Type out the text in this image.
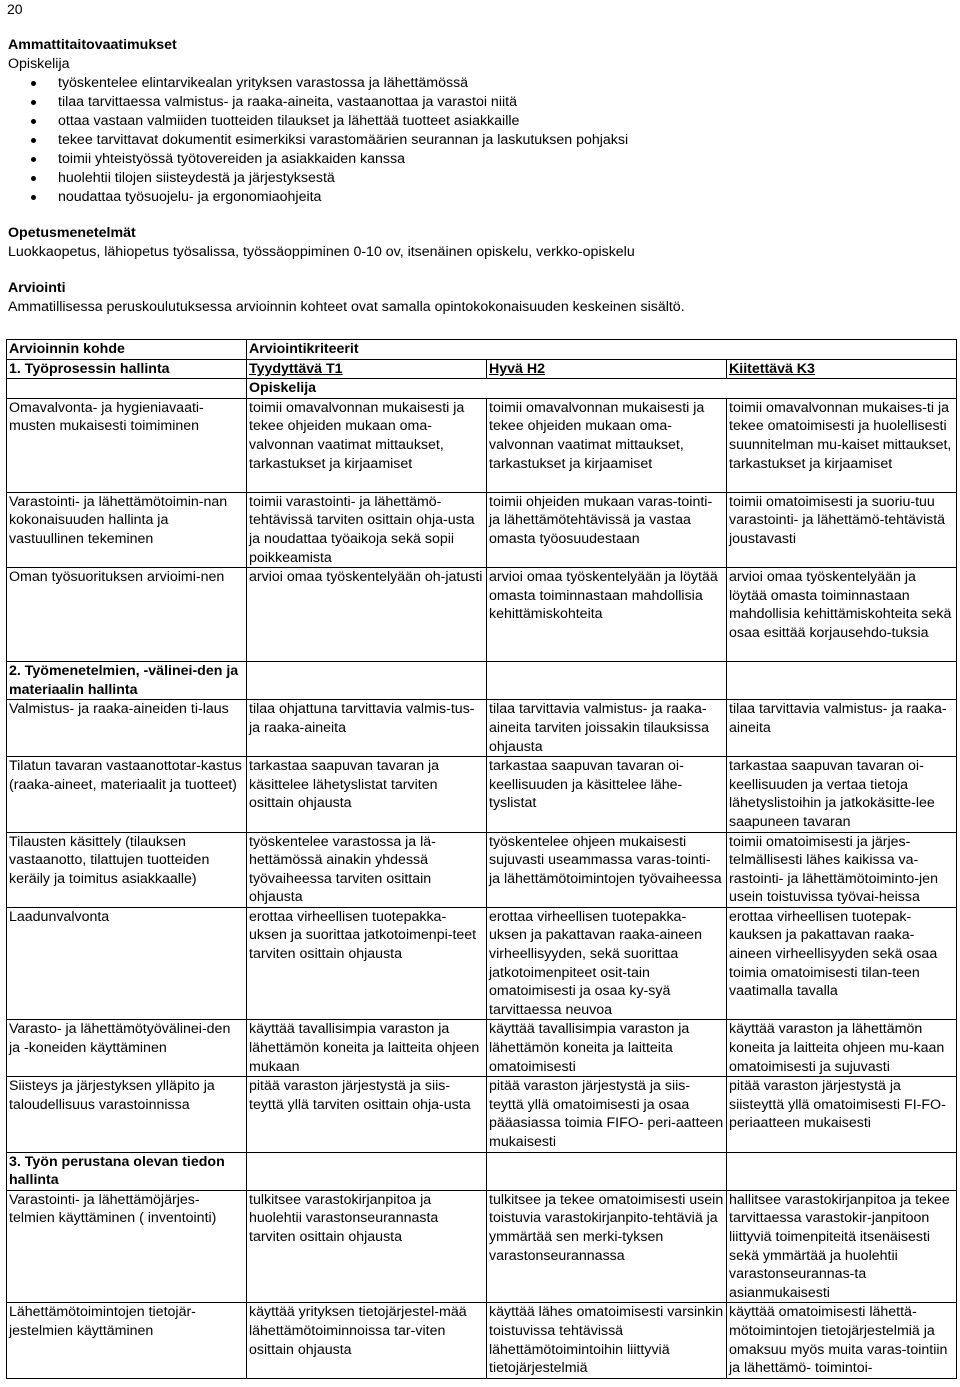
20
Ammattitaitovaatimukset
Opiskelija
työskentelee elintarvikealan yrityksen varastossa ja lähettämössä
tilaa tarvittaessa valmistus- ja raaka-aineita, vastaanottaa ja varastoi niitä
ottaa vastaan valmiiden tuotteiden tilaukset ja lähettää tuotteet asiakkaille
tekee tarvittavat dokumentit esimerkiksi varastomäärien seurannan ja laskutuksen pohjaksi
toimii yhteistyössä työtovereiden ja asiakkaiden kanssa
huolehtii tilojen siisteydestä ja järjestyksestä
noudattaa työsuojelu- ja ergonomiaohjeita
Opetusmenetelmät
Luokkaopetus, lähiopetus työsalissa, työssäoppiminen 0-10 ov, itsenäinen opiskelu, verkko-opiskelu
Arviointi
Ammatillisessa peruskoulutuksessa arvioinnin kohteet ovat samalla opintokokonaisuuden keskeinen sisältö.
Arvioinnin kohde	Arviointikriteerit		
1. Työprosessin hallinta	Tyydyttävä T1	Hyvä H2	Kiitettävä K3
	Opiskelija		
Omavalvonta- ja hygieniavaati-musten mukaisesti toimiminen	toimii omavalvonnan mukaisesti ja tekee ohjeiden mukaan oma-valvonnan vaatimat mittaukset, tarkastukset ja kirjaamiset	toimii omavalvonnan mukaisesti ja tekee ohjeiden mukaan oma-valvonnan vaatimat mittaukset, tarkastukset ja kirjaamiset	toimii omavalvonnan mukaises-ti ja tekee omatoimisesti ja huolellisesti suunnitelman mu-kaiset mittaukset, tarkastukset ja kirjaamiset
Varastointi- ja lähettämötoimin-nan kokonaisuuden hallinta ja vastuullinen tekeminen	toimii varastointi- ja lähettämö-tehtävissä tarviten osittain ohja-usta ja noudattaa työaikoja sekä sopii poikkeamista	toimii ohjeiden mukaan varas-tointi- ja lähettämötehtävissä ja vastaa omasta työosuudestaan	toimii omatoimisesti ja suoriu-tuu varastointi- ja lähettämö-tehtävistä joustavasti
Oman työsuorituksen arvioimi-nen	arvioi omaa työskentelyään oh-jatusti	arvioi omaa työskentelyään ja löytää omasta toiminnastaan mahdollisia kehittämiskohteita	arvioi omaa työskentelyään ja löytää omasta toiminnastaan mahdollisia kehittämiskohteita sekä osaa esittää korjausehdo-tuksia
2. Työmenetelmien, -välinei-den ja materiaalin hallinta			
Valmistus- ja raaka-aineiden ti-laus	tilaa ohjattuna tarvittavia valmis-tus- ja raaka-aineita	tilaa tarvittavia valmistus- ja raaka-aineita tarviten joissakin tilauksissa ohjausta	tilaa tarvittavia valmistus- ja raaka-aineita
Tilatun tavaran vastaanottotar-kastus (raaka-aineet, materiaalit ja tuotteet)	tarkastaa saapuvan tavaran ja käsittelee lähetyslistat tarviten osittain ohjausta	tarkastaa saapuvan tavaran oi-keellisuuden ja käsittelee lähe-tyslistat	tarkastaa saapuvan tavaran oi-keellisuuden ja vertaa tietoja lähetyslistoihin ja jatkokäsitte-lee saapuneen tavaran
Tilausten käsittely (tilauksen vastaanotto, tilattujen tuotteiden keräily ja toimitus asiakkaalle)	työskentelee varastossa ja lä-hettämössä ainakin yhdessä työvaiheessa tarviten osittain ohjausta	työskentelee ohjeen mukaisesti sujuvasti useammassa varas-tointi- ja lähettämötoimintojen työvaiheessa	toimii omatoimisesti ja järjes-telmällisesti lähes kaikissa va-rastointi- ja lähettämötoiminto-jen usein toistuvissa työvai-heissa
Laadunvalvonta	erottaa virheellisen tuotepakka-uksen ja suorittaa jatkotoimenpi-teet tarviten osittain ohjausta	erottaa virheellisen tuotepakka-uksen ja pakattavan raaka-aineen virheellisyyden, sekä suorittaa jatkotoimenpiteet osit-tain omatoimisesti ja osaa ky-syä tarvittaessa neuvoa	erottaa virheellisen tuotepak-kauksen ja pakattavan raaka-aineen virheellisyyden sekä osaa toimia omatoimisesti tilan-teen vaatimalla tavalla
Varasto- ja lähettämötyövälinei-den ja -koneiden käyttäminen	käyttää tavallisimpia varaston ja lähettämön koneita ja laitteita ohjeen mukaan	käyttää tavallisimpia varaston ja lähettämön koneita ja laitteita omatoimisesti	käyttää varaston ja lähettämön koneita ja laitteita ohjeen mu-kaan omatoimisesti ja sujuvasti
Siisteys ja järjestyksen ylläpito ja taloudellisuus varastoinnissa	pitää varaston järjestystä ja siis-teyttä yllä tarviten osittain ohja-usta	pitää varaston järjestystä ja siis-teyttä yllä omatoimisesti ja osaa pääasiassa toimia FIFO- peri-aatteen mukaisesti	pitää varaston järjestystä ja siisteyttä yllä omatoimisesti FI-FO- periaatteen mukaisesti
3. Työn perustana olevan tiedon hallinta			
Varastointi- ja lähettämöjärjes-telmien käyttäminen ( inventointi)	tulkitsee varastokirjanpitoa ja huolehtii varastonseurannasta tarviten osittain ohjausta	tulkitsee ja tekee omatoimisesti usein toistuvia varastokirjanpito-tehtäviä ja ymmärtää sen merki-tyksen varastonseurannassa	hallitsee varastokirjanpitoa ja tekee tarvittaessa varastokir-janpitoon liittyviä toimenpiteitä itsenäisesti sekä ymmärtää ja huolehtii varastonseurannas-ta asianmukaisesti
Lähettämötoimintojen tietojär-jestelmien käyttäminen	käyttää yrityksen tietojärjestel-mää lähettämötoiminnoissa tar-viten osittain ohjausta	käyttää lähes omatoimisesti varsinkin toistuvissa tehtävissä lähettämötoimintoihin liittyviä tietojärjestelmiä	käyttää omatoimisesti lähettä-mötoimintojen tietojärjestelmiä ja omaksuu myös muita varas-tointiin ja lähettämö- toimintoi-
